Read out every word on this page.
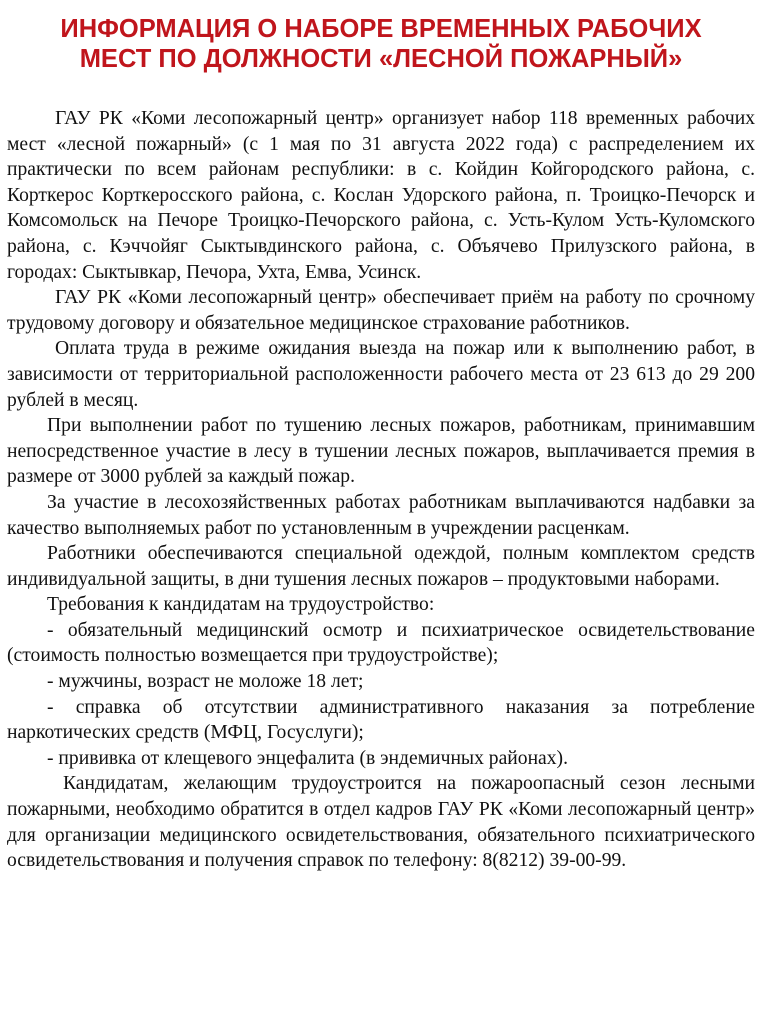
ИНФОРМАЦИЯ О НАБОРЕ ВРЕМЕННЫХ РАБОЧИХ
МЕСТ ПО ДОЛЖНОСТИ «ЛЕСНОЙ ПОЖАРНЫЙ»

ГАУ РК «Коми лесопожарный центр» организует набор 118 временных рабочих мест «лесной пожарный» (с 1 мая по 31 августа 2022 года) с распределением их практически по всем районам республики: в с. Койдин Койгородского района, с. Корткерос Корткеросского района, с. Кослан Удорского района, п. Троицко-Печорск и Комсомольск на Печоре Троицко-Печорского района, с. Усть-Кулом Усть-Куломского района, с. Кэччойяг Сыктывдинского района, с. Объячево Прилузского района, в городах: Сыктывкар, Печора, Ухта, Емва, Усинск.

ГАУ РК «Коми лесопожарный центр» обеспечивает приём на работу по срочному трудовому договору и обязательное медицинское страхование работников.

Оплата труда в режиме ожидания выезда на пожар или к выполнению работ, в зависимости от территориальной расположенности рабочего места от 23 613 до 29 200 рублей в месяц.

При выполнении работ по тушению лесных пожаров, работникам, принимавшим непосредственное участие в лесу в тушении лесных пожаров, выплачивается премия в размере от 3000 рублей за каждый пожар.

За участие в лесохозяйственных работах работникам выплачиваются надбавки за качество выполняемых работ по установленным в учреждении расценкам.

Работники обеспечиваются специальной одеждой, полным комплектом средств индивидуальной защиты, в дни тушения лесных пожаров – продуктовыми наборами.

Требования к кандидатам на трудоустройство:

- обязательный медицинский осмотр и психиатрическое освидетельствование (стоимость полностью возмещается при трудоустройстве);

- мужчины, возраст не моложе 18 лет;

- справка об отсутствии административного наказания за потребление наркотических средств (МФЦ, Госуслуги);

- прививка от клещевого энцефалита (в эндемичных районах).

Кандидатам, желающим трудоустроится на пожароопасный сезон лесными пожарными, необходимо обратится в отдел кадров ГАУ РК «Коми лесопожарный центр» для организации медицинского освидетельствования, обязательного психиатрического освидетельствования и получения справок по телефону: 8(8212) 39-00-99.
